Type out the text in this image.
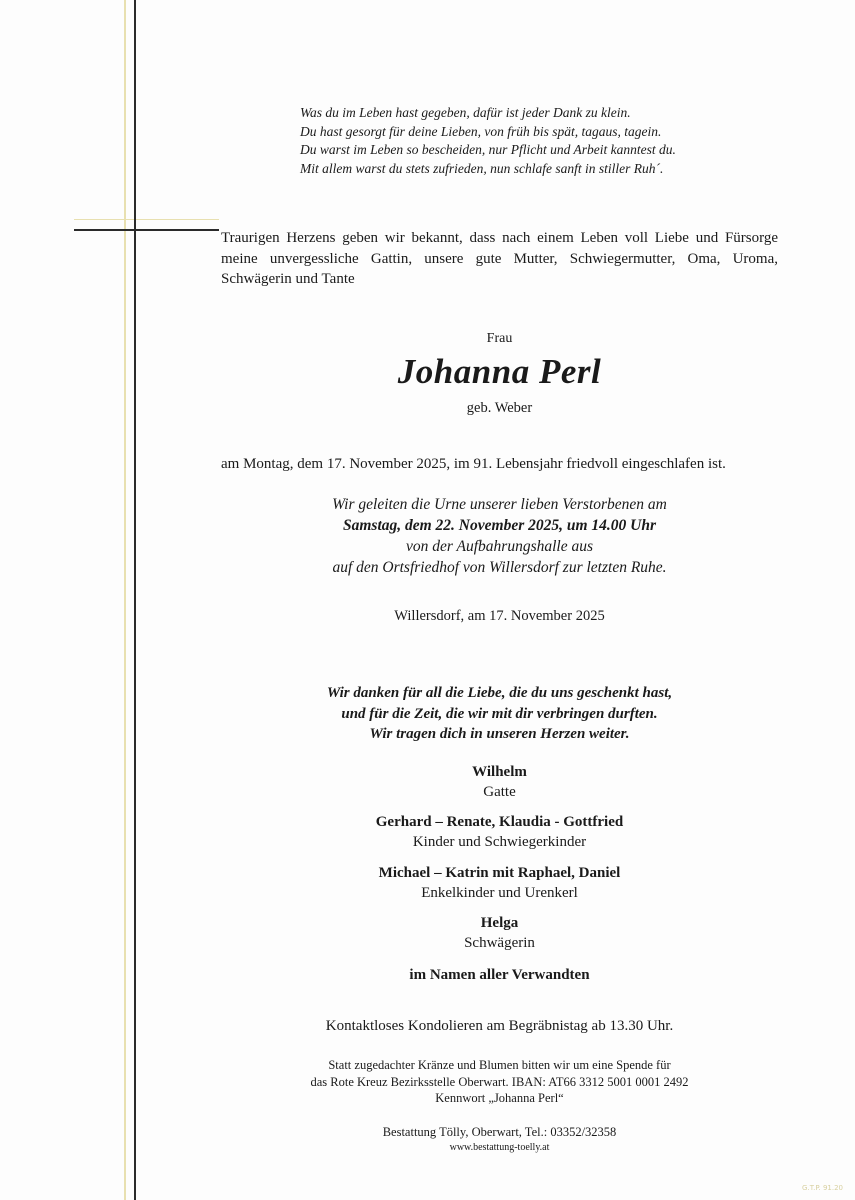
Was du im Leben hast gegeben, dafür ist jeder Dank zu klein.
Du hast gesorgt für deine Lieben, von früh bis spät, tagaus, tagein.
Du warst im Leben so bescheiden, nur Pflicht und Arbeit kanntest du.
Mit allem warst du stets zufrieden, nun schlafe sanft in stiller Ruh´.
Traurigen Herzens geben wir bekannt, dass nach einem Leben voll Liebe und Fürsorge meine unvergessliche Gattin, unsere gute Mutter, Schwiegermutter, Oma, Uroma, Schwägerin und Tante
Frau
Johanna Perl
geb. Weber
am Montag, dem 17. November 2025, im 91. Lebensjahr friedvoll eingeschlafen ist.
Wir geleiten die Urne unserer lieben Verstorbenen am
Samstag, dem 22. November 2025, um 14.00 Uhr
von der Aufbahrungshalle aus
auf den Ortsfriedhof von Willersdorf zur letzten Ruhe.
Willersdorf, am 17. November 2025
Wir danken für all die Liebe, die du uns geschenkt hast,
und für die Zeit, die wir mit dir verbringen durften.
Wir tragen dich in unseren Herzen weiter.
Wilhelm
Gatte
Gerhard – Renate, Klaudia - Gottfried
Kinder und Schwiegerkinder
Michael – Katrin mit Raphael, Daniel
Enkelkinder und Urenkerl
Helga
Schwägerin
im Namen aller Verwandten
Kontaktloses Kondolieren am Begräbnistag ab 13.30 Uhr.
Statt zugedachter Kränze und Blumen bitten wir um eine Spende für
das Rote Kreuz Bezirksstelle Oberwart. IBAN: AT66 3312 5001 0001 2492
Kennwort „Johanna Perl“
Bestattung Tölly, Oberwart, Tel.: 03352/32358
www.bestattung-toelly.at
G.T.P. 91.20
